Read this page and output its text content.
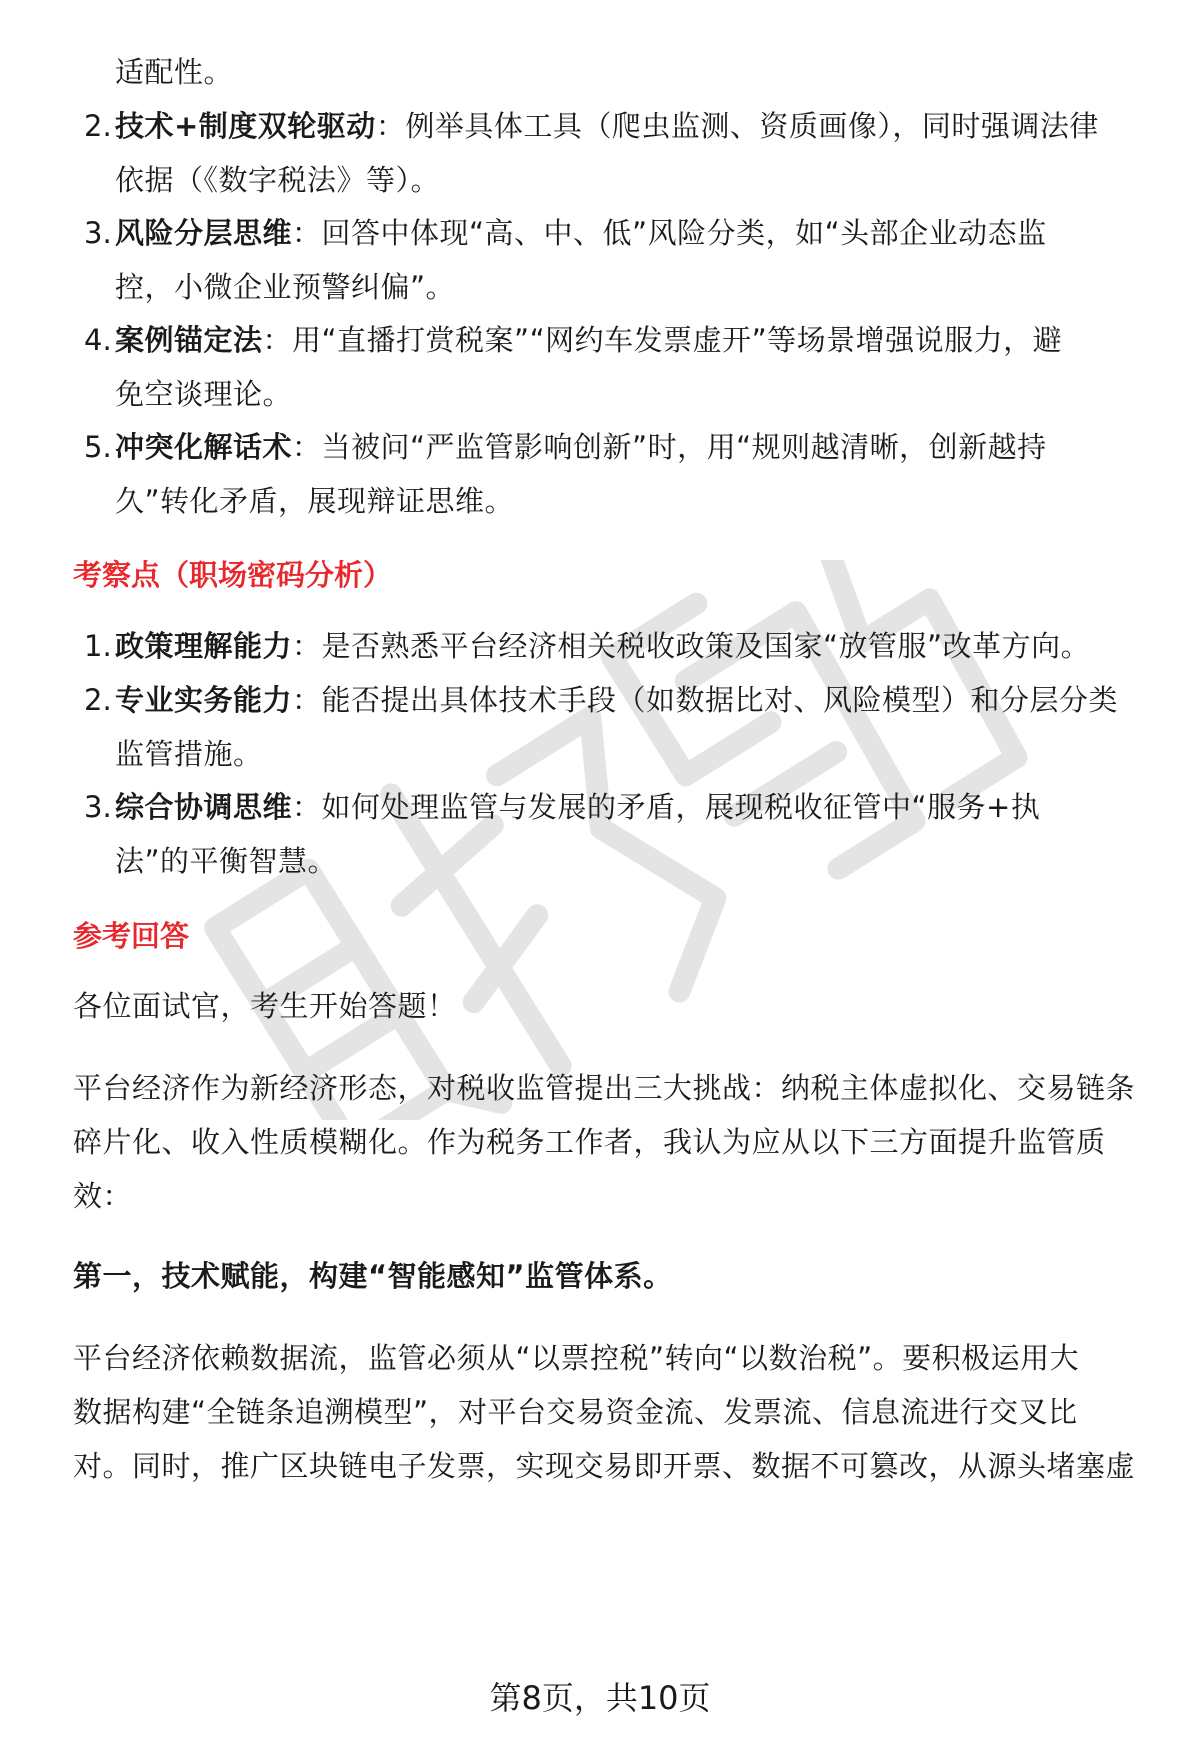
适配性。
2. 技术+制度双轮驱动：例举具体工具（爬虫监测、资质画像），同时强调法律
依据（《数字税法》等）。
3. 风险分层思维：回答中体现“高、中、低”风险分类，如“头部企业动态监
控，小微企业预警纠偏”。
4. 案例锚定法：用“直播打赏税案”“网约车发票虚开”等场景增强说服力，避
免空谈理论。
5. 冲突化解话术：当被问“严监管影响创新”时，用“规则越清晰，创新越持
久”转化矛盾，展现辩证思维。
考察点（职场密码分析）
1. 政策理解能力：是否熟悉平台经济相关税收政策及国家“放管服”改革方向。
2. 专业实务能力：能否提出具体技术手段（如数据比对、风险模型）和分层分类
监管措施。
3. 综合协调思维：如何处理监管与发展的矛盾，展现税收征管中“服务+执
法”的平衡智慧。
参考回答
各位面试官，考生开始答题！
平台经济作为新经济形态，对税收监管提出三大挑战：纳税主体虚拟化、交易链条
碎片化、收入性质模糊化。作为税务工作者，我认为应从以下三方面提升监管质
效：
第一，技术赋能，构建“智能感知”监管体系。
平台经济依赖数据流，监管必须从“以票控税”转向“以数治税”。要积极运用大
数据构建“全链条追溯模型”，对平台交易资金流、发票流、信息流进行交叉比
对。同时，推广区块链电子发票，实现交易即开票、数据不可篡改，从源头堵塞虚
第8页，共10页
